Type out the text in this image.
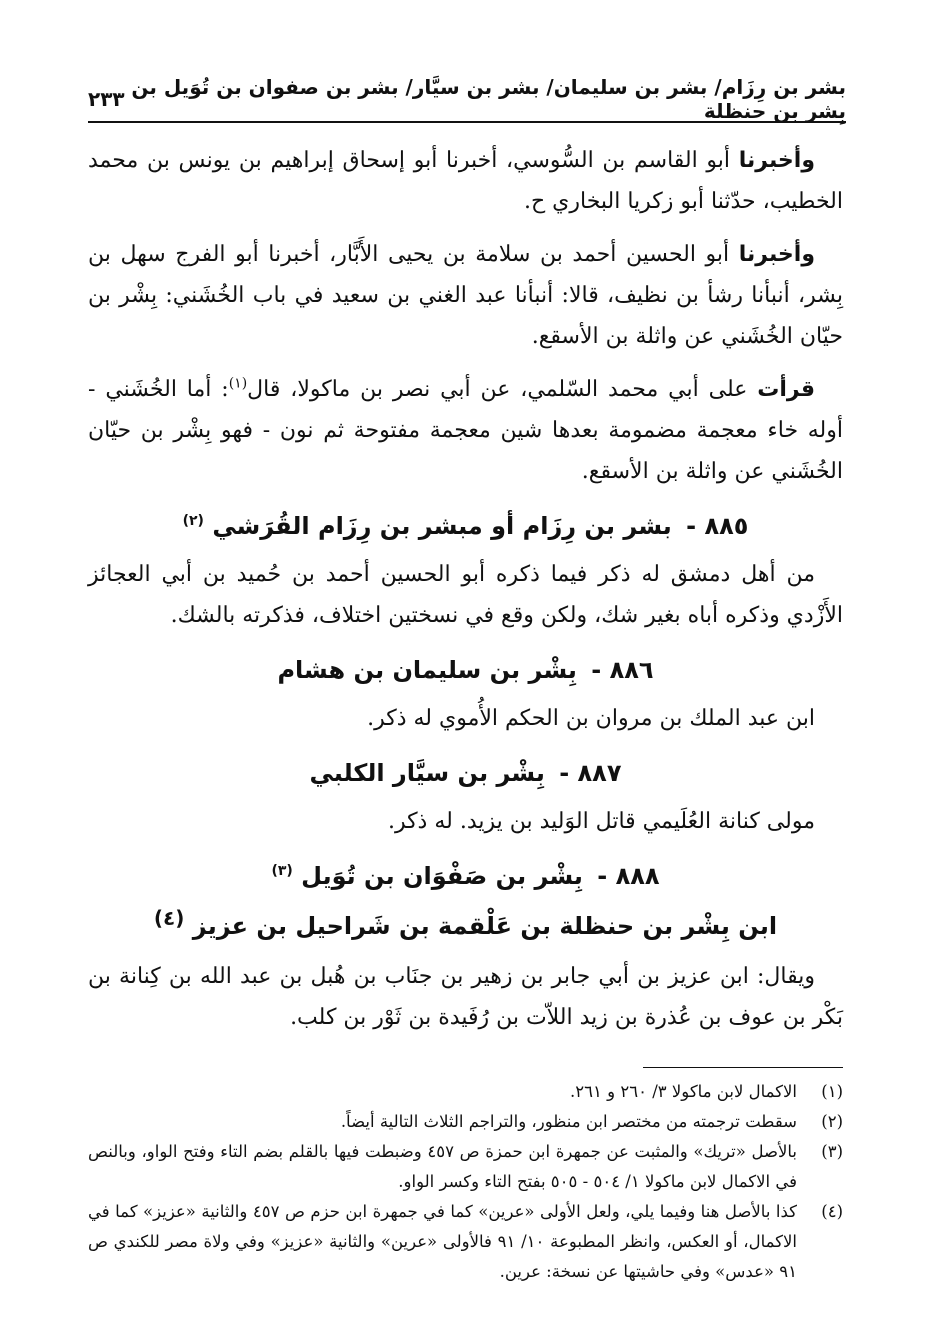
بشر بن رِزَام/ بشر بن سليمان/ بشر بن سيَّار/ بشر بن صفوان بن تُوَيل بن بِشر بن حنظلة
٢٣٣

وأخبرنا أبو القاسم بن السُّوسي، أخبرنا أبو إسحاق إبراهيم بن يونس بن محمد الخطيب، حدّثنا أبو زكريا البخاري ح.

وأخبرنا أبو الحسين أحمد بن سلامة بن يحيى الأَبَّار، أخبرنا أبو الفرج سهل بن بِشر، أنبأنا رشأ بن نظيف، قالا: أنبأنا عبد الغني بن سعيد في باب الخُشَني: بِشْر بن حيّان الخُشَني عن واثلة بن الأسقع.

قرأت على أبي محمد السّلمي، عن أبي نصر بن ماكولا، قال$^{(١)}$: أما الخُشَني - أوله خاء معجمة مضمومة بعدها شين معجمة مفتوحة ثم نون - فهو بِشْر بن حيّان الخُشَني عن واثلة بن الأسقع.

٨٨٥ - بشر بن رِزَام أو مبشر بن رِزَام القُرَشي $^{(٢)}$

من أهل دمشق له ذكر فيما ذكره أبو الحسين أحمد بن حُميد بن أبي العجائز الأَزْدي وذكره أباه بغير شك، ولكن وقع في نسختين اختلاف، فذكرته بالشك.

٨٨٦ - بِشْر بن سليمان بن هشام

ابن عبد الملك بن مروان بن الحكم الأُموي له ذكر.

٨٨٧ - بِشْر بن سيَّار الكلبي

مولى كنانة العُلَيمي قاتل الوَليد بن يزيد. له ذكر.

٨٨٨ - بِشْر بن صَفْوَان بن تُوَيل $^{(٣)}$
ابن بِشْر بن حنظلة بن عَلْقمة بن شَراحيل بن عزيز $^{(٤)}$

ويقال: ابن عزيز بن أبي جابر بن زهير بن جنَاب بن هُبل بن عبد الله بن كِنانة بن بَكْر بن عوف بن عُذرة بن زيد اللاّت بن رُفَيدة بن ثَوْر بن كلب.

(١)
الاكمال لابن ماكولا ٣/ ٢٦٠ و ٢٦١.
(٢)
سقطت ترجمته من مختصر ابن منظور، والتراجم الثلاث التالية أيضاً.
(٣)
بالأصل «تريك» والمثبت عن جمهرة ابن حمزة ص ٤٥٧ وضبطت فيها بالقلم بضم التاء وفتح الواو، وبالنص في الاكمال لابن ماكولا ١/ ٥٠٤ - ٥٠٥ بفتح التاء وكسر الواو.
(٤)
كذا بالأصل هنا وفيما يلي، ولعل الأولى «عرين» كما في جمهرة ابن حزم ص ٤٥٧ والثانية «عزيز» كما في الاكمال، أو العكس، وانظر المطبوعة ١٠/ ٩١ فالأولى «عرين» والثانية «عزيز» وفي ولاة مصر للكندي ص ٩١ «عدس» وفي حاشيتها عن نسخة: عرين.
